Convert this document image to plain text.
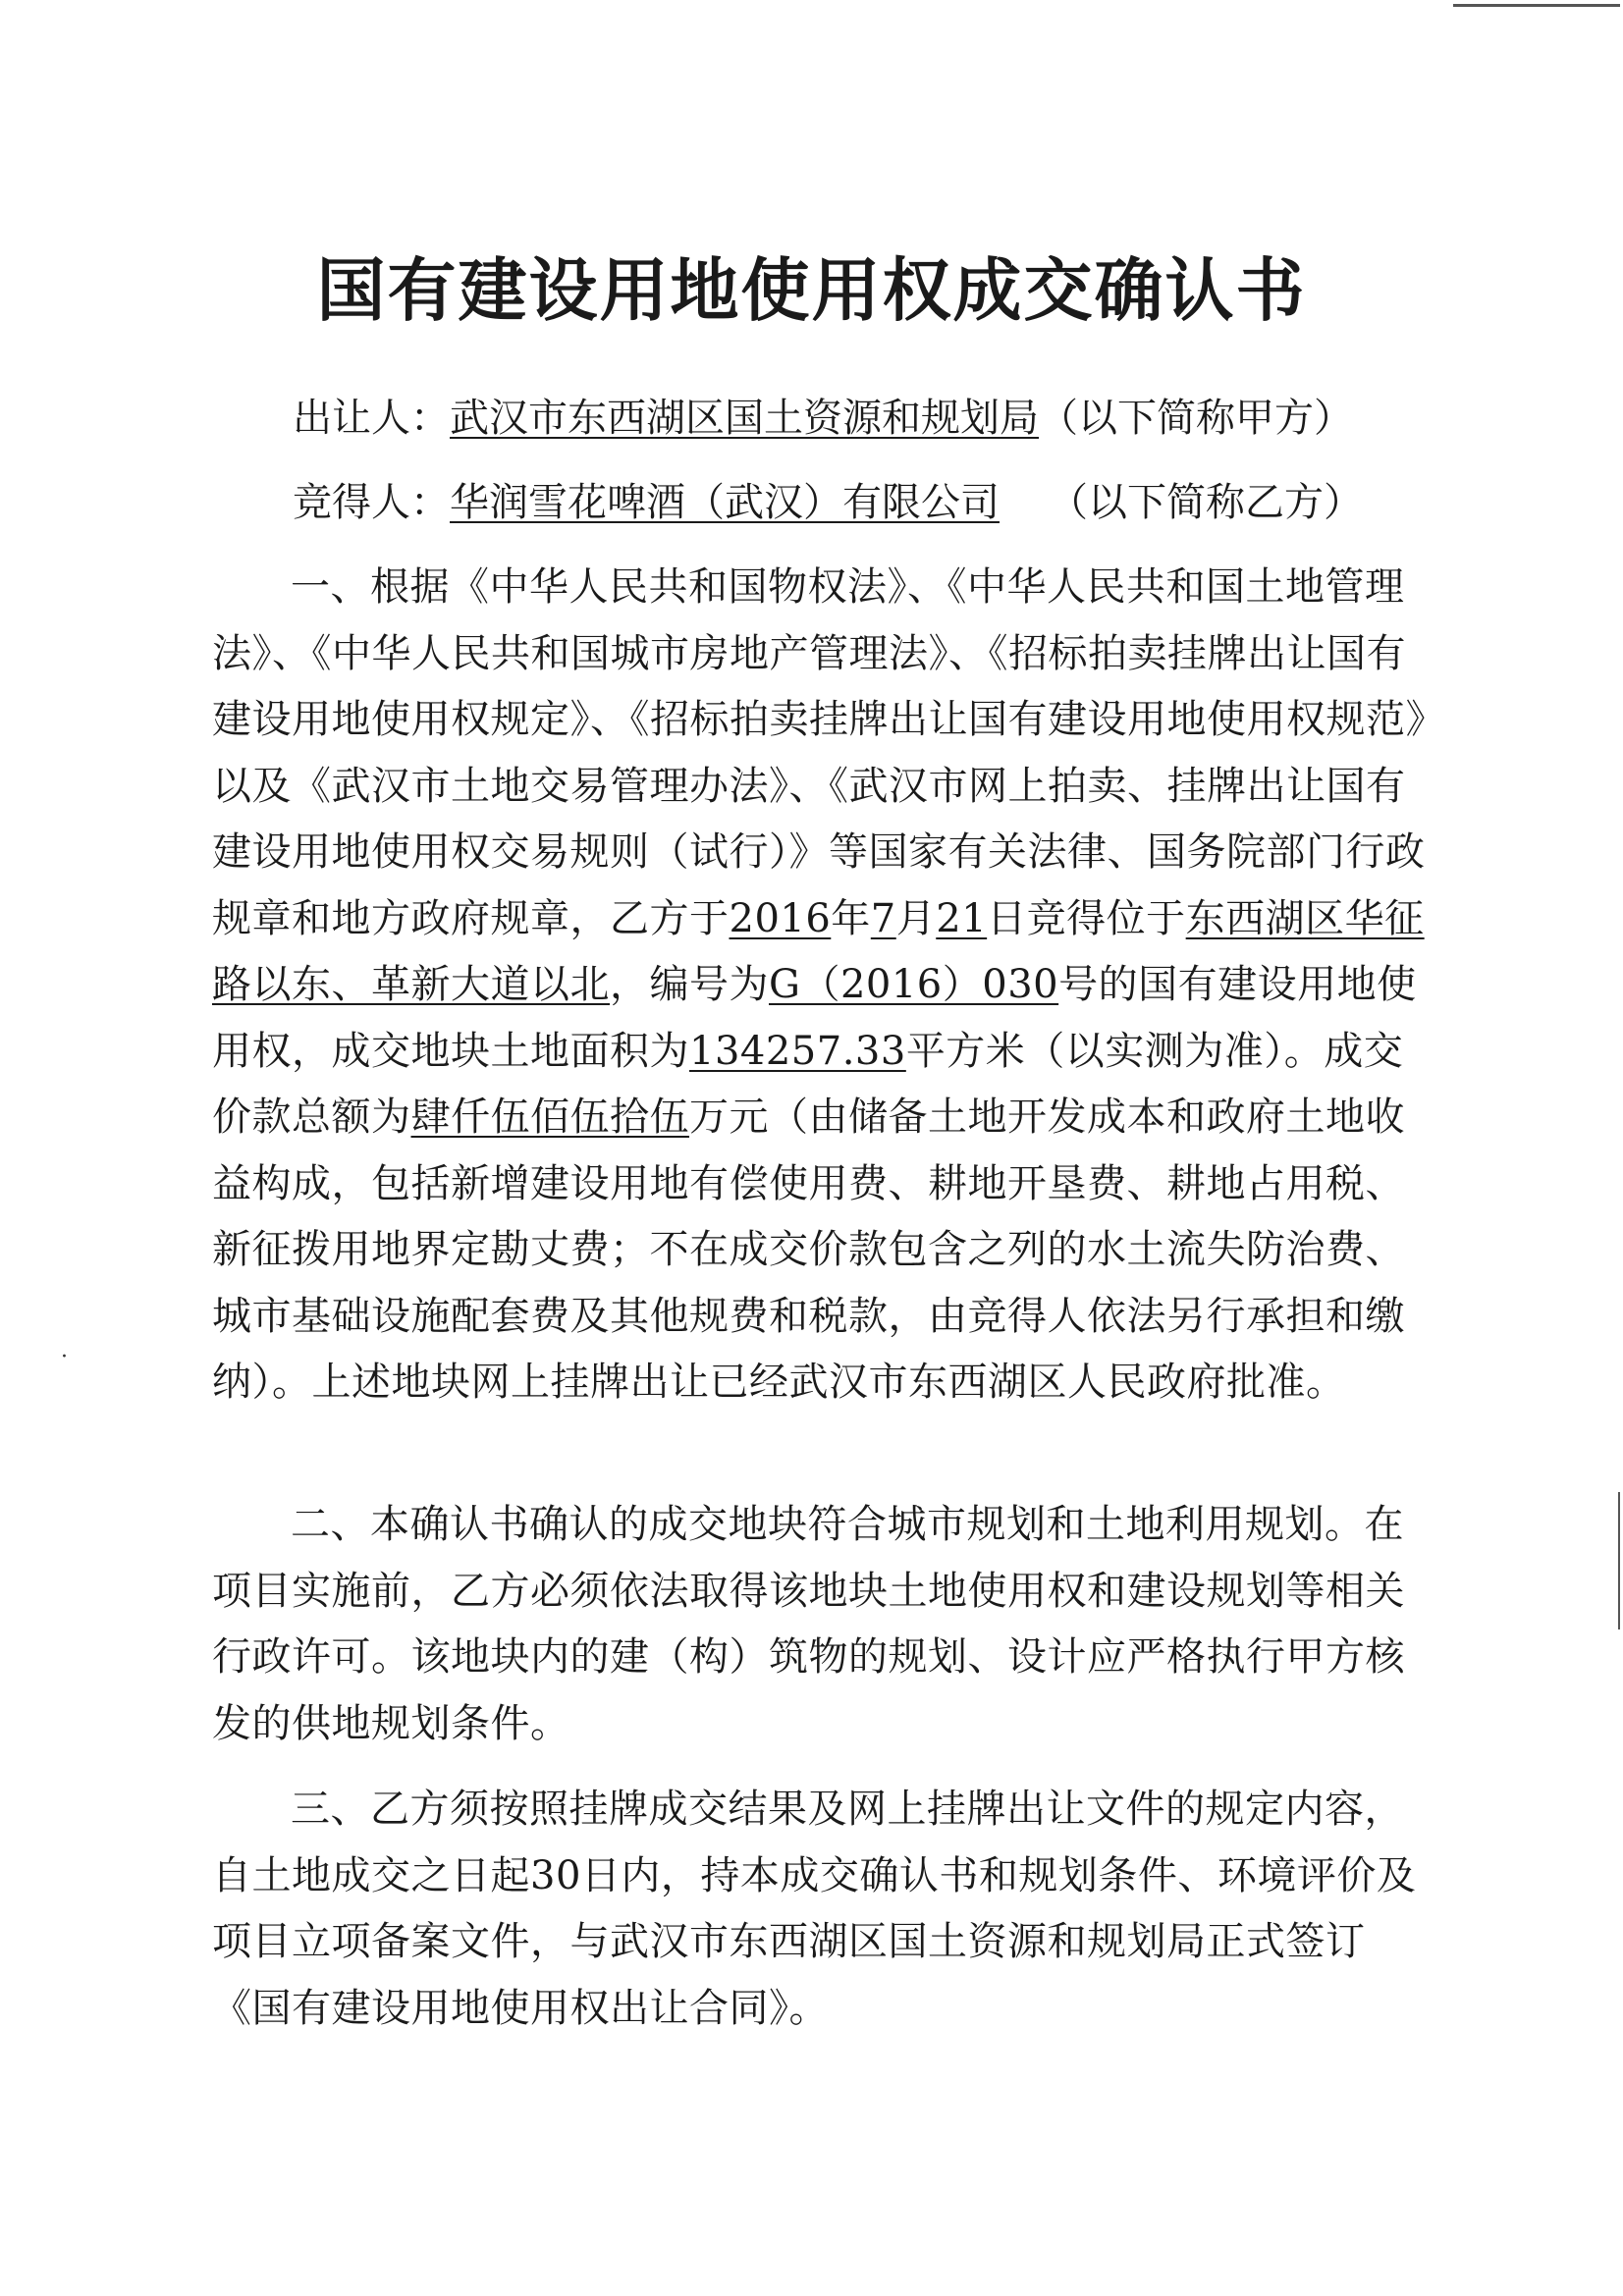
·
国有建设用地使用权成交确认书
出让人：武汉市东西湖区国土资源和规划局（以下简称甲方）
竞得人：华润雪花啤酒（武汉）有限公司 （以下简称乙方）

一、根据《中华人民共和国物权法》、《中华人民共和国土地管理法》、《中华人民共和国城市房地产管理法》、《招标拍卖挂牌出让国有建设用地使用权规定》、《招标拍卖挂牌出让国有建设用地使用权规范》以及《武汉市土地交易管理办法》、《武汉市网上拍卖、挂牌出让国有建设用地使用权交易规则（试行）》等国家有关法律、国务院部门行政规章和地方政府规章，乙方于2016年7月21日竞得位于东西湖区华征路以东、革新大道以北，编号为G（2016）030号的国有建设用地使用权，成交地块土地面积为134257.33平方米（以实测为准）。成交价款总额为肆仟伍佰伍拾伍万元（由储备土地开发成本和政府土地收益构成，包括新增建设用地有偿使用费、耕地开垦费、耕地占用税、新征拨用地界定勘丈费；不在成交价款包含之列的水土流失防治费、城市基础设施配套费及其他规费和税款，由竞得人依法另行承担和缴纳）。上述地块网上挂牌出让已经武汉市东西湖区人民政府批准。

二、本确认书确认的成交地块符合城市规划和土地利用规划。在项目实施前，乙方必须依法取得该地块土地使用权和建设规划等相关行政许可。该地块内的建（构）筑物的规划、设计应严格执行甲方核发的供地规划条件。

三、乙方须按照挂牌成交结果及网上挂牌出让文件的规定内容，自土地成交之日起30日内，持本成交确认书和规划条件、环境评价及项目立项备案文件，与武汉市东西湖区国土资源和规划局正式签订《国有建设用地使用权出让合同》。
